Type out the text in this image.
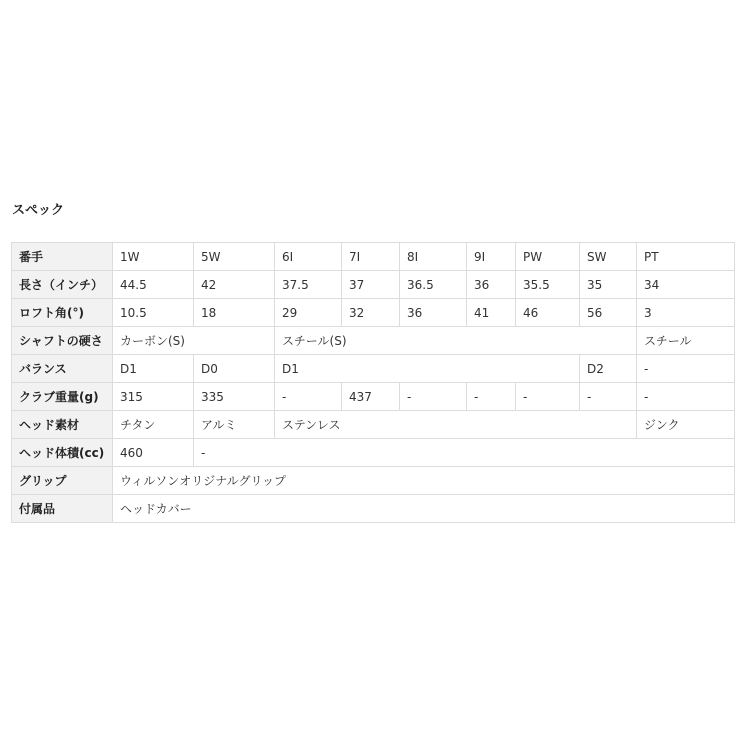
スペック
番手	1W	5W	6I	7I	8I	9I	PW	SW	PT
長さ（インチ）	44.5	42	37.5	37	36.5	36	35.5	35	34
ロフト角(°)	10.5	18	29	32	36	41	46	56	3
シャフトの硬さ	カーボン(S)		スチール(S)						スチール
バランス	D1	D0	D1					D2	-
クラブ重量(g)	315	335	-	437	-	-	-	-	-
ヘッド素材	チタン	アルミ	ステンレス						ジンク
ヘッド体積(cc)	460	-							
グリップ	ウィルソンオリジナルグリップ								
付属品	ヘッドカバー								
